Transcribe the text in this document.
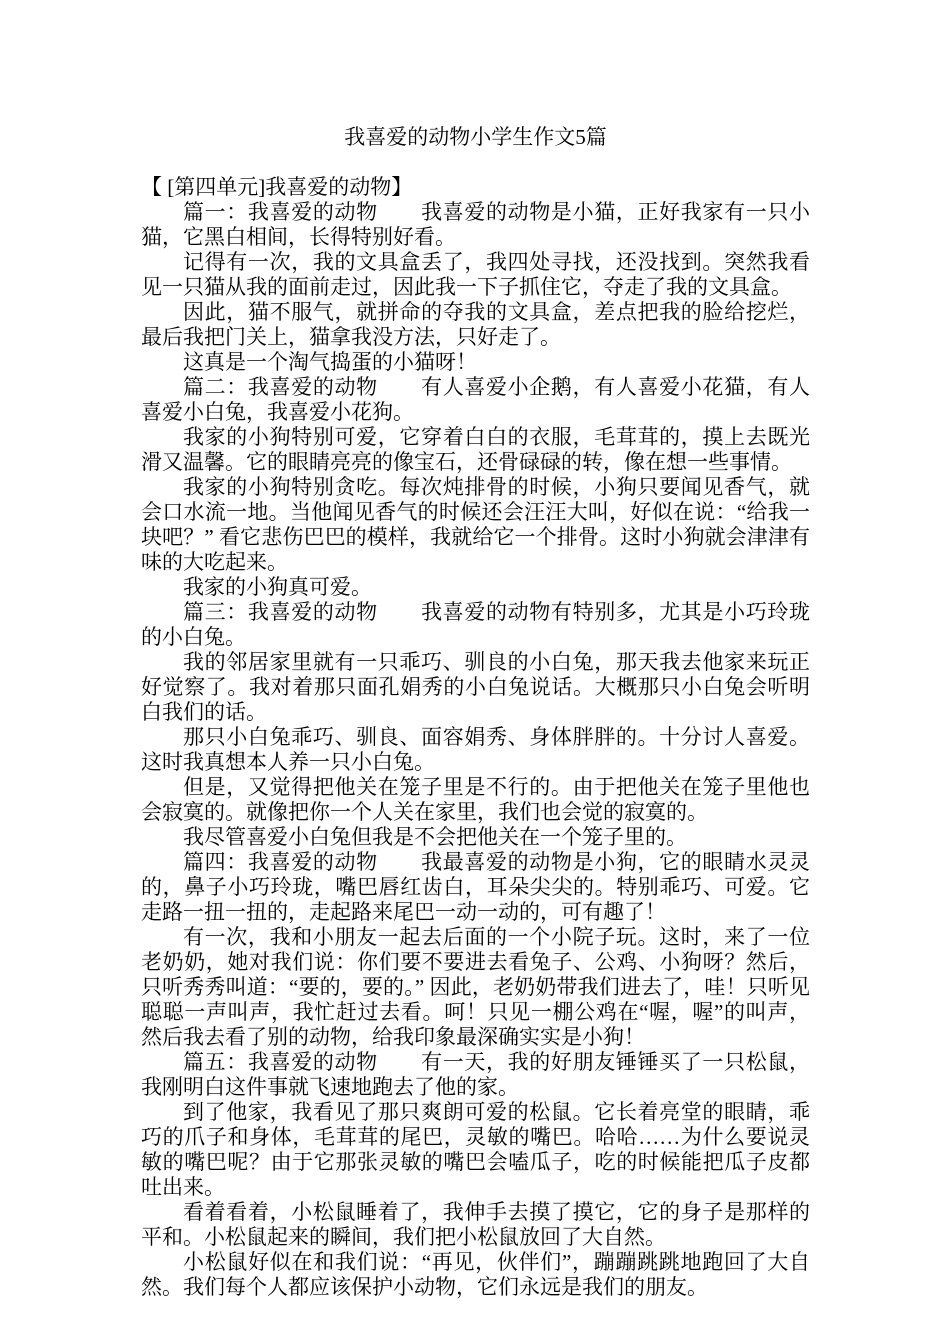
我喜爱的动物小学生作文5篇

【 [第四单元]我喜爱的动物】

篇一：我喜爱的动物　　我喜爱的动物是小猫，正好我家有一只小猫，它黑白相间，长得特别好看。

记得有一次，我的文具盒丢了，我四处寻找，还没找到。突然我看见一只猫从我的面前走过，因此我一下子抓住它，夺走了我的文具盒。

因此，猫不服气，就拼命的夺我的文具盒，差点把我的脸给挖烂，最后我把门关上，猫拿我没方法，只好走了。

这真是一个淘气捣蛋的小猫呀！

篇二：我喜爱的动物　　有人喜爱小企鹅，有人喜爱小花猫，有人喜爱小白兔，我喜爱小花狗。

我家的小狗特别可爱，它穿着白白的衣服，毛茸茸的，摸上去既光滑又温馨。它的眼睛亮亮的像宝石，还骨碌碌的转，像在想一些事情。

我家的小狗特别贪吃。每次炖排骨的时候，小狗只要闻见香气，就会口水流一地。当他闻见香气的时候还会汪汪大叫，好似在说：“给我一块吧？” 看它悲伤巴巴的模样，我就给它一个排骨。这时小狗就会津津有味的大吃起来。

我家的小狗真可爱。

篇三：我喜爱的动物　　我喜爱的动物有特别多，尤其是小巧玲珑的小白兔。

我的邻居家里就有一只乖巧、驯良的小白兔，那天我去他家来玩正好觉察了。我对着那只面孔娟秀的小白兔说话。大概那只小白兔会听明白我们的话。

那只小白兔乖巧、驯良、面容娟秀、身体胖胖的。十分讨人喜爱。这时我真想本人养一只小白兔。

但是，又觉得把他关在笼子里是不行的。由于把他关在笼子里他也会寂寞的。就像把你一个人关在家里，我们也会觉的寂寞的。

我尽管喜爱小白兔但我是不会把他关在一个笼子里的。

篇四：我喜爱的动物　　我最喜爱的动物是小狗，它的眼睛水灵灵的，鼻子小巧玲珑，嘴巴唇红齿白，耳朵尖尖的。特别乖巧、可爱。它走路一扭一扭的，走起路来尾巴一动一动的，可有趣了！

有一次，我和小朋友一起去后面的一个小院子玩。这时，来了一位老奶奶，她对我们说：你们要不要进去看兔子、公鸡、小狗呀？然后，只听秀秀叫道：“要的，要的。” 因此，老奶奶带我们进去了，哇！只听见聪聪一声叫声，我忙赶过去看。呵！只见一棚公鸡在“喔，喔”的叫声，然后我去看了别的动物，给我印象最深确实实是小狗！

篇五：我喜爱的动物　　有一天，我的好朋友锤锤买了一只松鼠，我刚明白这件事就飞速地跑去了他的家。

到了他家，我看见了那只爽朗可爱的松鼠。它长着亮堂的眼睛，乖巧的爪子和身体，毛茸茸的尾巴，灵敏的嘴巴。哈哈……为什么要说灵敏的嘴巴呢？由于它那张灵敏的嘴巴会嗑瓜子，吃的时候能把瓜子皮都吐出来。

看着看着，小松鼠睡着了，我伸手去摸了摸它，它的身子是那样的平和。小松鼠起来的瞬间，我们把小松鼠放回了大自然。

小松鼠好似在和我们说：“再见，伙伴们”，蹦蹦跳跳地跑回了大自然。我们每个人都应该保护小动物，它们永远是我们的朋友。
